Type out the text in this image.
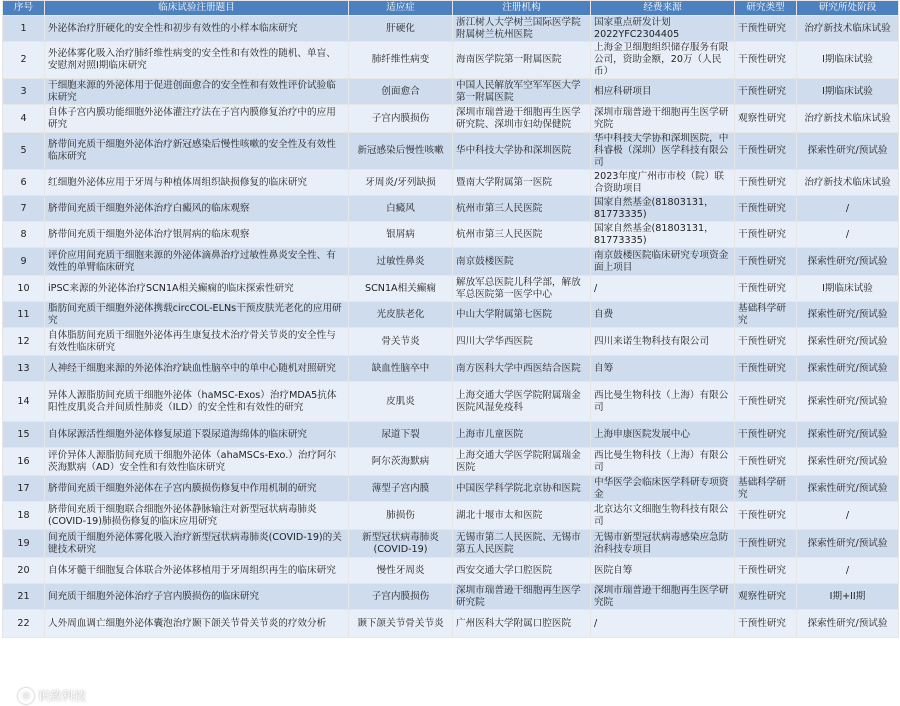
序号	临床试验注册题目	适应症	注册机构	经费来源	研究类型	研究所处阶段
1	外泌体治疗肝硬化的安全性和初步有效性的小样本临床研究	肝硬化	浙江树人大学树兰国际医学院附属树兰杭州医院	国家重点研发计划2022YFC2304405	干预性研究	治疗新技术临床试验
2	外泌体雾化吸入治疗肺纤维性病变的安全性和有效性的随机、单盲、安慰剂对照Ⅰ期临床研究	肺纤维性病变	海南医学院第一附属医院	上海金卫细胞组织储存服务有限公司，资助金额，20万（人民币）	干预性研究	I期临床试验
3	干细胞来源的外泌体用于促进创面愈合的安全性和有效性评价试验临床研究	创面愈合	中国人民解放军空军军医大学第一附属医院	相应科研项目	干预性研究	I期临床试验
4	自体子宫内膜功能细胞外泌体灌注疗法在子宫内膜修复治疗中的应用研究	子宫内膜损伤	深圳市瑞普逊干细胞再生医学研究院、深圳市妇幼保健院	深圳市瑞普逊干细胞再生医学研究院	观察性研究	治疗新技术临床试验
5	脐带间充质干细胞外泌体治疗新冠感染后慢性咳嗽的安全性及有效性临床研究	新冠感染后慢性咳嗽	华中科技大学协和深圳医院	华中科技大学协和深圳医院，中科睿极（深圳）医学科技有限公司	干预性研究	探索性研究/预试验
6	红细胞外泌体应用于牙周与种植体周组织缺损修复的临床研究	牙周炎/牙列缺损	暨南大学附属第一医院	2023年度广州市市校（院）联合资助项目	干预性研究	治疗新技术临床试验
7	脐带间充质干细胞外泌体治疗白癜风的临床观察	白癜风	杭州市第三人民医院	国家自然基金(81803131，81773335)	干预性研究	/
8	脐带间充质干细胞外泌体治疗银屑病的临床观察	银屑病	杭州市第三人民医院	国家自然基金(81803131，81773335)	干预性研究	/
9	评价应用间充质干细胞来源的外泌体滴鼻治疗过敏性鼻炎安全性、有效性的单臂临床研究	过敏性鼻炎	南京鼓楼医院	南京鼓楼医院临床研究专项资金面上项目	干预性研究	探索性研究/预试验
10	iPSC来源的外泌体治疗SCN1A相关癫痫的临床探索性研究	SCN1A相关癫痫	解放军总医院儿科学部，解放军总医院第一医学中心	/	干预性研究	I期临床试验
11	脂肪间充质干细胞外泌体携载circCOL-ELNs干预皮肤光老化的应用研究	光皮肤老化	中山大学附属第七医院	自费	基础科学研究	探索性研究/预试验
12	自体脂肪间充质干细胞外泌体再生康复技术治疗骨关节炎的安全性与有效性临床研究	骨关节炎	四川大学华西医院	四川来诺生物科技有限公司	干预性研究	探索性研究/预试验
13	人神经干细胞来源的外泌体治疗缺血性脑卒中的单中心随机对照研究	缺血性脑卒中	南方医科大学中西医结合医院	自筹	干预性研究	探索性研究/预试验
14	异体人源脂肪间充质干细胞外泌体（haMSC-Exos）治疗MDA5抗体阳性皮肌炎合并间质性肺炎（ILD）的安全性和有效性的研究	皮肌炎	上海交通大学医学院附属瑞金医院风湿免疫科	西比曼生物科技（上海）有限公司	干预性研究	探索性研究/预试验
15	自体尿源活性细胞外泌体修复尿道下裂尿道海绵体的临床研究	尿道下裂	上海市儿童医院	上海申康医院发展中心	干预性研究	探索性研究/预试验
16	评价异体人源脂肪间充质干细胞外泌体（ahaMSCs-Exo.）治疗阿尔茨海默病（AD）安全性和有效性临床研究	阿尔茨海默病	上海交通大学医学院附属瑞金医院	西比曼生物科技（上海）有限公司	干预性研究	探索性研究/预试验
17	脐带间充质干细胞外泌体在子宫内膜损伤修复中作用机制的研究	薄型子宫内膜	中国医学科学院北京协和医院	中华医学会临床医学科研专项资金	基础科学研究	探索性研究/预试验
18	脐带间充质干细胞联合细胞外泌体静脉输注对新型冠状病毒肺炎(COVID-19)肺损伤修复的临床应用研究	肺损伤	湖北十堰市太和医院	北京达尔文细胞生物科技有限公司	干预性研究	/
19	间充质干细胞外泌体雾化吸入治疗新型冠状病毒肺炎(COVID-19)的关键技术研究	新型冠状病毒肺炎(COVID-19)	无锡市第二人民医院、无锡市第五人民医院	无锡市新型冠状病毒感染应急防治科技专项目	干预性研究	探索性研究/预试验
20	自体牙髓干细胞复合体联合外泌体移植用于牙周组织再生的临床研究	慢性牙周炎	西安交通大学口腔医院	医院自筹	干预性研究	/
21	间充质干细胞外泌体治疗子宫内膜损伤的临床研究	子宫内膜损伤	深圳市瑞普逊干细胞再生医学研究院	深圳市瑞普逊干细胞再生医学研究院	观察性研究	I期+II期
22	人外周血调亡细胞外泌体囊泡治疗颞下颌关节骨关节炎的疗效分析	颞下颌关节骨关节炎	广州医科大学附属口腔医院	/	干预性研究	探索性研究/预试验
◎ 识致科技
